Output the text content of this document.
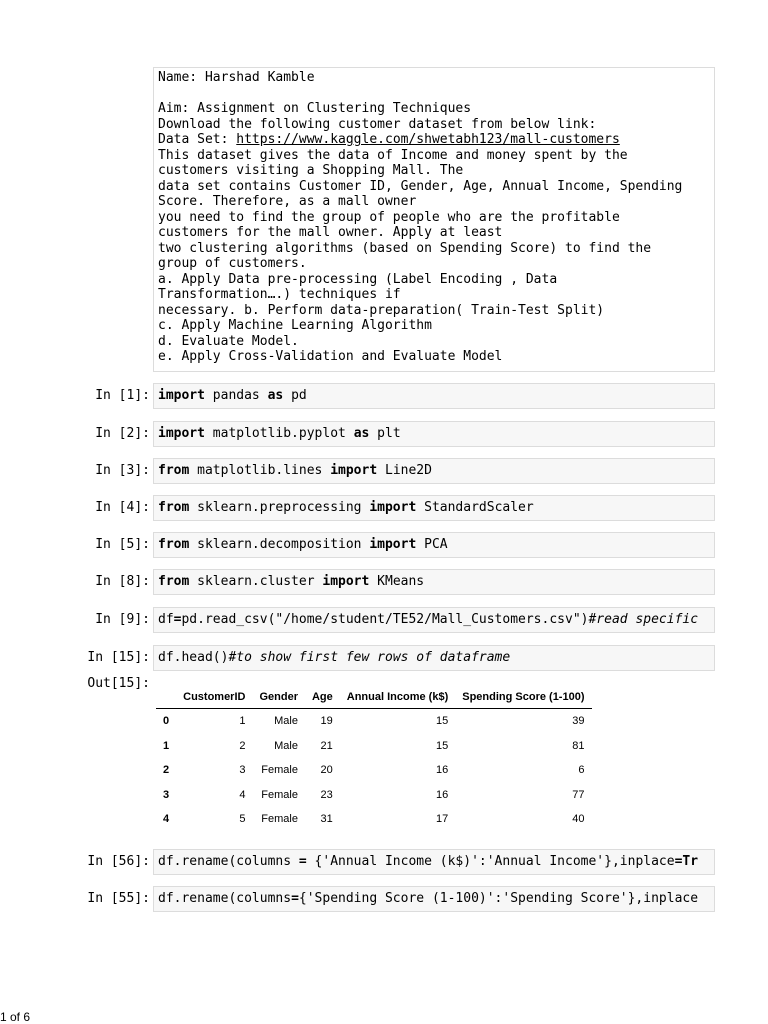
Name: Harshad Kamble

Aim: Assignment on Clustering Techniques
Download the following customer dataset from below link:
Data Set: https://www.kaggle.com/shwetabh123/mall-customers
This dataset gives the data of Income and money spent by the
customers visiting a Shopping Mall. The
data set contains Customer ID, Gender, Age, Annual Income, Spending
Score. Therefore, as a mall owner
you need to find the group of people who are the profitable
customers for the mall owner. Apply at least
two clustering algorithms (based on Spending Score) to find the
group of customers.
a. Apply Data pre-processing (Label Encoding , Data
Transformation….) techniques if
necessary. b. Perform data-preparation( Train-Test Split)
c. Apply Machine Learning Algorithm
d. Evaluate Model.
e. Apply Cross-Validation and Evaluate Model
In [1]: import pandas as pd
In [2]: import matplotlib.pyplot as plt
In [3]: from matplotlib.lines import Line2D
In [4]: from sklearn.preprocessing import StandardScaler
In [5]: from sklearn.decomposition import PCA
In [8]: from sklearn.cluster import KMeans
In [9]: df=pd.read_csv("/home/student/TE52/Mall_Customers.csv")#read specific
In [15]: df.head()#to show first few rows of dataframe
Out[15]:
	CustomerID	Gender	Age	Annual Income (k$)	Spending Score (1-100)
0	1	Male	19	15	39
1	2	Male	21	15	81
2	3	Female	20	16	6
3	4	Female	23	16	77
4	5	Female	31	17	40
In [56]: df.rename(columns = {'Annual Income (k$)':'Annual Income'},inplace=Tr
In [55]: df.rename(columns={'Spending Score (1-100)':'Spending Score'},inplace
1 of 6
